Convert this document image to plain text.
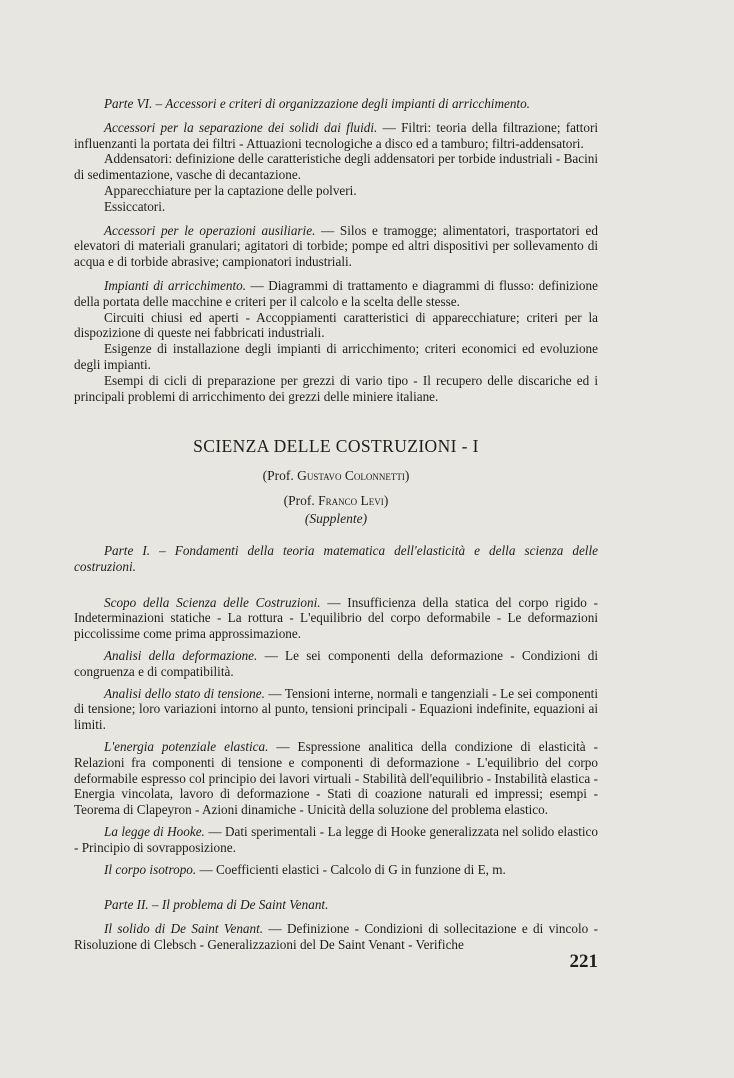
Parte VI. – Accessori e criteri di organizzazione degli impianti di arricchimento.

Accessori per la separazione dei solidi dai fluidi. — Filtri: teoria della filtrazione; fattori influenzanti la portata dei filtri - Attuazioni tecnologiche a disco ed a tamburo; filtri-addensatori.

Addensatori: definizione delle caratteristiche degli addensatori per torbide industriali - Bacini di sedimentazione, vasche di decantazione.

Apparecchiature per la captazione delle polveri.

Essiccatori.

Accessori per le operazioni ausiliarie. — Silos e tramogge; alimentatori, trasportatori ed elevatori di materiali granulari; agitatori di torbide; pompe ed altri dispositivi per sollevamento di acqua e di torbide abrasive; campionatori industriali.

Impianti di arricchimento. — Diagrammi di trattamento e diagrammi di flusso: definizione della portata delle macchine e criteri per il calcolo e la scelta delle stesse.

Circuiti chiusi ed aperti - Accoppiamenti caratteristici di apparecchiature; criteri per la dispozizione di queste nei fabbricati industriali.

Esigenze di installazione degli impianti di arricchimento; criteri economici ed evoluzione degli impianti.

Esempi di cicli di preparazione per grezzi di vario tipo - Il recupero delle discariche ed i principali problemi di arricchimento dei grezzi delle miniere italiane.

SCIENZA DELLE COSTRUZIONI - I
(Prof. Gustavo Colonnetti)
(Prof. Franco Levi)
(Supplente)

Parte I. – Fondamenti della teoria matematica dell'elasticità e della scienza delle costruzioni.

Scopo della Scienza delle Costruzioni. — Insufficienza della statica del corpo rigido - Indeterminazioni statiche - La rottura - L'equilibrio del corpo deformabile - Le deformazioni piccolissime come prima approssimazione.

Analisi della deformazione. — Le sei componenti della deformazione - Condizioni di congruenza e di compatibilità.

Analisi dello stato di tensione. — Tensioni interne, normali e tangenziali - Le sei componenti di tensione; loro variazioni intorno al punto, tensioni principali - Equazioni indefinite, equazioni ai limiti.

L'energia potenziale elastica. — Espressione analitica della condizione di elasticità - Relazioni fra componenti di tensione e componenti di deformazione - L'equilibrio del corpo deformabile espresso col principio dei lavori virtuali - Stabilità dell'equilibrio - Instabilità elastica - Energia vincolata, lavoro di deformazione - Stati di coazione naturali ed impressi; esempi - Teorema di Clapeyron - Azioni dinamiche - Unicità della soluzione del problema elastico.

La legge di Hooke. — Dati sperimentali - La legge di Hooke generalizzata nel solido elastico - Principio di sovrapposizione.

Il corpo isotropo. — Coefficienti elastici - Calcolo di G in funzione di E, m.

Parte II. – Il problema di De Saint Venant.

Il solido di De Saint Venant. — Definizione - Condizioni di sollecitazione e di vincolo - Risoluzione di Clebsch - Generalizzazioni del De Saint Venant - Verifiche

221
